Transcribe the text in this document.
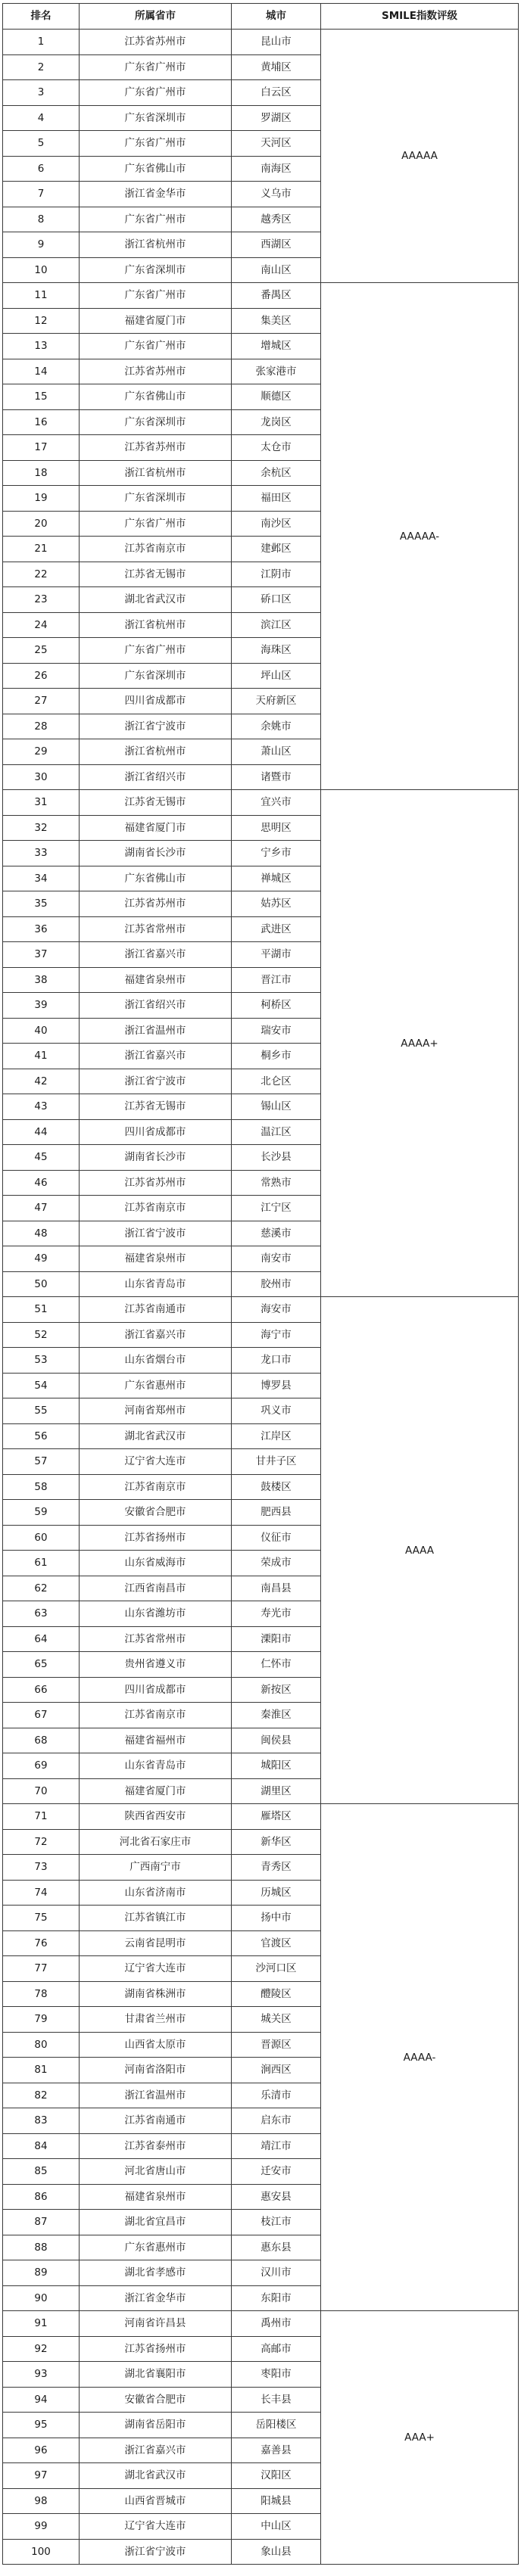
排名	所属省市	城市	SMILE指数评级
1	江苏省苏州市	昆山市	AAAAA
2	广东省广州市	黄埔区	
3	广东省广州市	白云区	
4	广东省深圳市	罗湖区	
5	广东省广州市	天河区	
6	广东省佛山市	南海区	
7	浙江省金华市	义乌市	
8	广东省广州市	越秀区	
9	浙江省杭州市	西湖区	
10	广东省深圳市	南山区	
11	广东省广州市	番禺区	AAAAA-
12	福建省厦门市	集美区	
13	广东省广州市	增城区	
14	江苏省苏州市	张家港市	
15	广东省佛山市	顺德区	
16	广东省深圳市	龙岗区	
17	江苏省苏州市	太仓市	
18	浙江省杭州市	余杭区	
19	广东省深圳市	福田区	
20	广东省广州市	南沙区	
21	江苏省南京市	建邺区	
22	江苏省无锡市	江阴市	
23	湖北省武汉市	硚口区	
24	浙江省杭州市	滨江区	
25	广东省广州市	海珠区	
26	广东省深圳市	坪山区	
27	四川省成都市	天府新区	
28	浙江省宁波市	余姚市	
29	浙江省杭州市	萧山区	
30	浙江省绍兴市	诸暨市	
31	江苏省无锡市	宜兴市	AAAA+
32	福建省厦门市	思明区	
33	湖南省长沙市	宁乡市	
34	广东省佛山市	禅城区	
35	江苏省苏州市	姑苏区	
36	江苏省常州市	武进区	
37	浙江省嘉兴市	平湖市	
38	福建省泉州市	晋江市	
39	浙江省绍兴市	柯桥区	
40	浙江省温州市	瑞安市	
41	浙江省嘉兴市	桐乡市	
42	浙江省宁波市	北仑区	
43	江苏省无锡市	锡山区	
44	四川省成都市	温江区	
45	湖南省长沙市	长沙县	
46	江苏省苏州市	常熟市	
47	江苏省南京市	江宁区	
48	浙江省宁波市	慈溪市	
49	福建省泉州市	南安市	
50	山东省青岛市	胶州市	
51	江苏省南通市	海安市	AAAA
52	浙江省嘉兴市	海宁市	
53	山东省烟台市	龙口市	
54	广东省惠州市	博罗县	
55	河南省郑州市	巩义市	
56	湖北省武汉市	江岸区	
57	辽宁省大连市	甘井子区	
58	江苏省南京市	鼓楼区	
59	安徽省合肥市	肥西县	
60	江苏省扬州市	仪征市	
61	山东省威海市	荣成市	
62	江西省南昌市	南昌县	
63	山东省潍坊市	寿光市	
64	江苏省常州市	溧阳市	
65	贵州省遵义市	仁怀市	
66	四川省成都市	新按区	
67	江苏省南京市	秦淮区	
68	福建省福州市	闽侯县	
69	山东省青岛市	城阳区	
70	福建省厦门市	湖里区	
71	陕西省西安市	雁塔区	AAAA-
72	河北省石家庄市	新华区	
73	广西南宁市	青秀区	
74	山东省济南市	历城区	
75	江苏省镇江市	扬中市	
76	云南省昆明市	官渡区	
77	辽宁省大连市	沙河口区	
78	湖南省株洲市	醴陵区	
79	甘肃省兰州市	城关区	
80	山西省太原市	晋源区	
81	河南省洛阳市	涧西区	
82	浙江省温州市	乐清市	
83	江苏省南通市	启东市	
84	江苏省泰州市	靖江市	
85	河北省唐山市	迁安市	
86	福建省泉州市	惠安县	
87	湖北省宜昌市	枝江市	
88	广东省惠州市	惠东县	
89	湖北省孝感市	汉川市	
90	浙江省金华市	东阳市	
91	河南省许昌县	禹州市	AAA+
92	江苏省扬州市	高邮市	
93	湖北省襄阳市	枣阳市	
94	安徽省合肥市	长丰县	
95	湖南省岳阳市	岳阳楼区	
96	浙江省嘉兴市	嘉善县	
97	湖北省武汉市	汉阳区	
98	山西省晋城市	阳城县	
99	辽宁省大连市	中山区	
100	浙江省宁波市	象山县	
